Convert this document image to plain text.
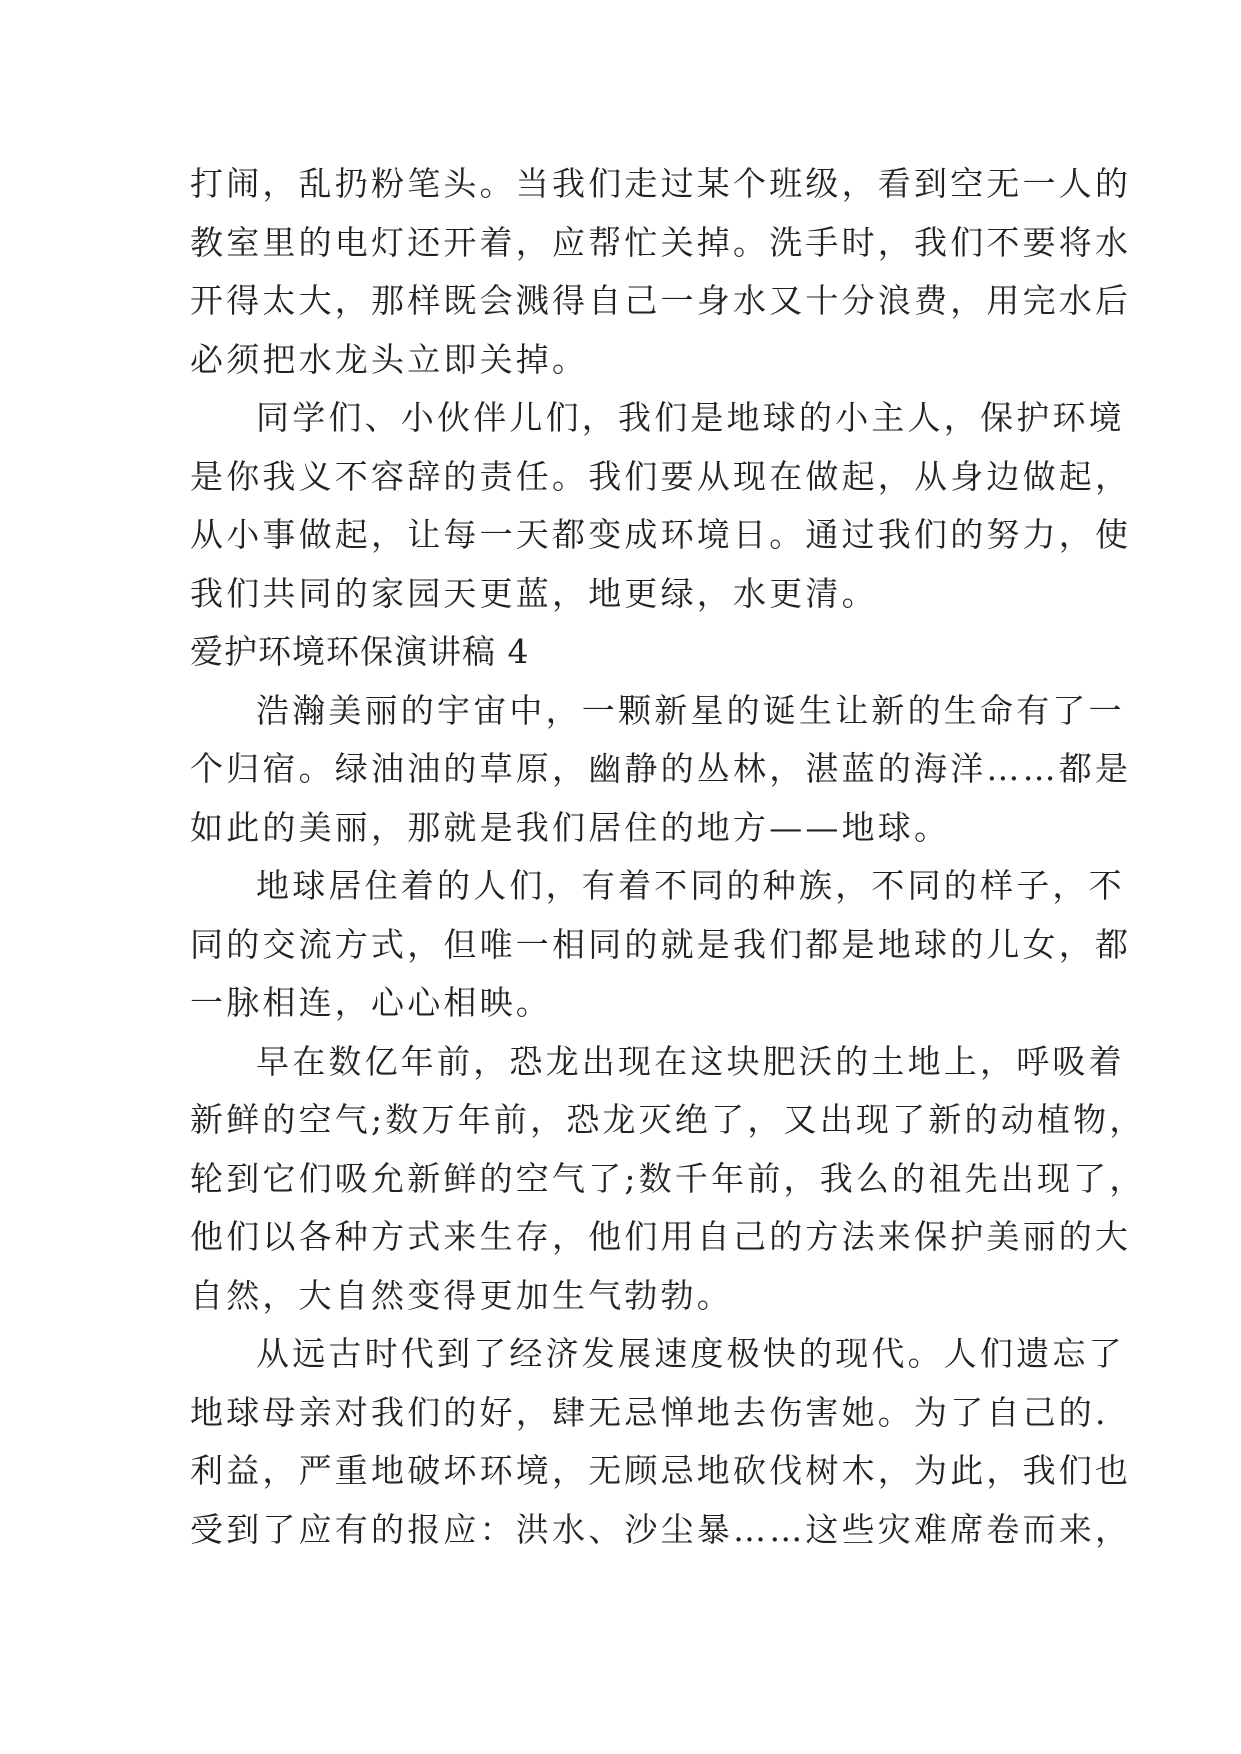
打闹，乱扔粉笔头。当我们走过某个班级，看到空无一人的
教室里的电灯还开着，应帮忙关掉。洗手时，我们不要将水
开得太大，那样既会溅得自己一身水又十分浪费，用完水后
必须把水龙头立即关掉。
同学们、小伙伴儿们，我们是地球的小主人，保护环境
是你我义不容辞的责任。我们要从现在做起，从身边做起，
从小事做起，让每一天都变成环境日。通过我们的努力，使
我们共同的家园天更蓝，地更绿，水更清。
爱护环境环保演讲稿 4
浩瀚美丽的宇宙中，一颗新星的诞生让新的生命有了一
个归宿。绿油油的草原，幽静的丛林，湛蓝的海洋……都是
如此的美丽，那就是我们居住的地方——地球。
地球居住着的人们，有着不同的种族，不同的样子，不
同的交流方式，但唯一相同的就是我们都是地球的儿女，都
一脉相连，心心相映。
早在数亿年前，恐龙出现在这块肥沃的土地上，呼吸着
新鲜的空气;数万年前，恐龙灭绝了，又出现了新的动植物，
轮到它们吸允新鲜的空气了;数千年前，我么的祖先出现了，
他们以各种方式来生存，他们用自己的方法来保护美丽的大
自然，大自然变得更加生气勃勃。
从远古时代到了经济发展速度极快的现代。人们遗忘了
地球母亲对我们的好，肆无忌惮地去伤害她。为了自己的.
利益，严重地破坏环境，无顾忌地砍伐树木，为此，我们也
受到了应有的报应：洪水、沙尘暴……这些灾难席卷而来，
